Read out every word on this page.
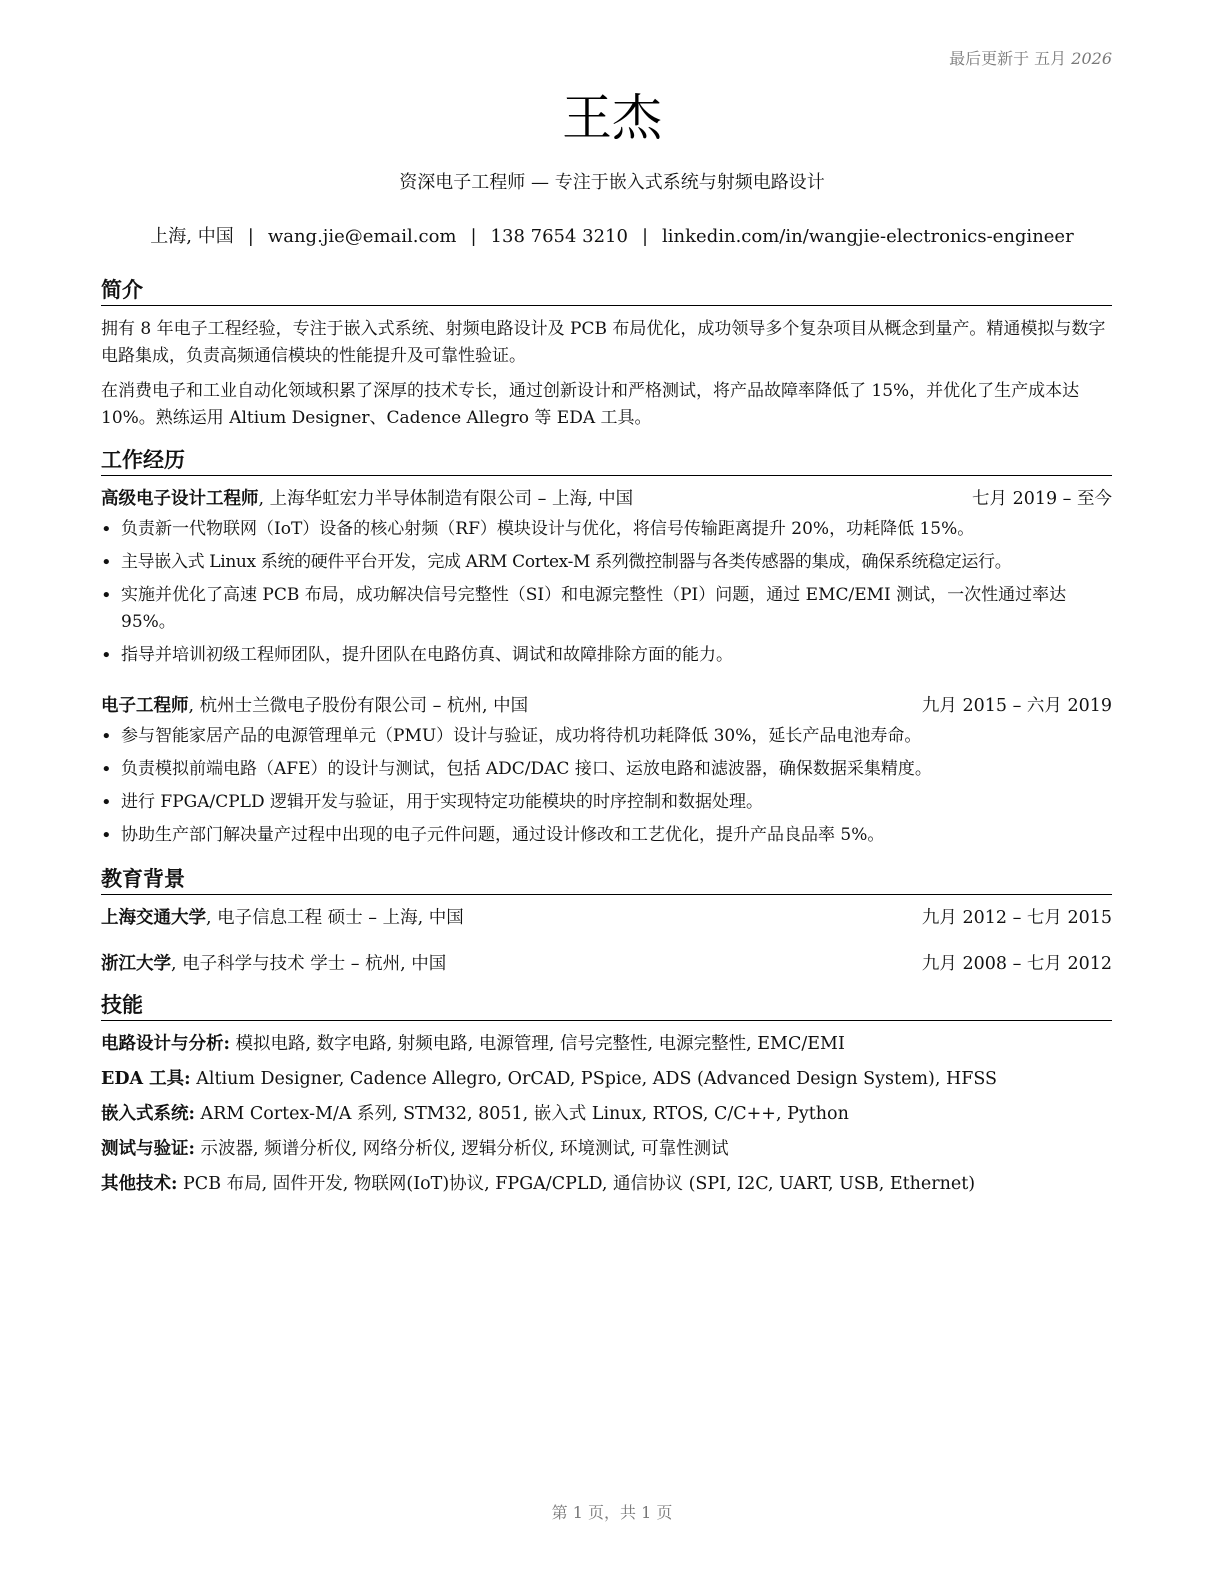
最后更新于 五月 2026
王杰
资深电子工程师 — 专注于嵌入式系统与射频电路设计
上海, 中国 | wang.jie@email.com | 138 7654 3210 | linkedin.com/in/wangjie-electronics-engineer
简介

拥有 8 年电子工程经验，专注于嵌入式系统、射频电路设计及 PCB 布局优化，成功领导多个复杂项目从概念到量产。精通模拟与数字电路集成，负责高频通信模块的性能提升及可靠性验证。

在消费电子和工业自动化领域积累了深厚的技术专长，通过创新设计和严格测试，将产品故障率降低了 15%，并优化了生产成本达 10%。熟练运用 Altium Designer、Cadence Allegro 等 EDA 工具。

工作经历
高级电子设计工程师, 上海华虹宏力半导体制造有限公司 – 上海, 中国	七月 2019 – 至今
• 负责新一代物联网（IoT）设备的核心射频（RF）模块设计与优化，将信号传输距离提升 20%，功耗降低 15%。
• 主导嵌入式 Linux 系统的硬件平台开发，完成 ARM Cortex-M 系列微控制器与各类传感器的集成，确保系统稳定运行。
• 实施并优化了高速 PCB 布局，成功解决信号完整性（SI）和电源完整性（PI）问题，通过 EMC/EMI 测试，一次性通过率达 95%。
• 指导并培训初级工程师团队，提升团队在电路仿真、调试和故障排除方面的能力。
电子工程师, 杭州士兰微电子股份有限公司 – 杭州, 中国	九月 2015 – 六月 2019
• 参与智能家居产品的电源管理单元（PMU）设计与验证，成功将待机功耗降低 30%，延长产品电池寿命。
• 负责模拟前端电路（AFE）的设计与测试，包括 ADC/DAC 接口、运放电路和滤波器，确保数据采集精度。
• 进行 FPGA/CPLD 逻辑开发与验证，用于实现特定功能模块的时序控制和数据处理。
• 协助生产部门解决量产过程中出现的电子元件问题，通过设计修改和工艺优化，提升产品良品率 5%。
教育背景
上海交通大学, 电子信息工程 硕士 – 上海, 中国	九月 2012 – 七月 2015
浙江大学, 电子科学与技术 学士 – 杭州, 中国	九月 2008 – 七月 2012
技能
电路设计与分析: 模拟电路, 数字电路, 射频电路, 电源管理, 信号完整性, 电源完整性, EMC/EMI
EDA 工具: Altium Designer, Cadence Allegro, OrCAD, PSpice, ADS (Advanced Design System), HFSS
嵌入式系统: ARM Cortex-M/A 系列, STM32, 8051, 嵌入式 Linux, RTOS, C/C++, Python
测试与验证: 示波器, 频谱分析仪, 网络分析仪, 逻辑分析仪, 环境测试, 可靠性测试
其他技术: PCB 布局, 固件开发, 物联网(IoT)协议, FPGA/CPLD, 通信协议 (SPI, I2C, UART, USB, Ethernet)
第 1 页，共 1 页
